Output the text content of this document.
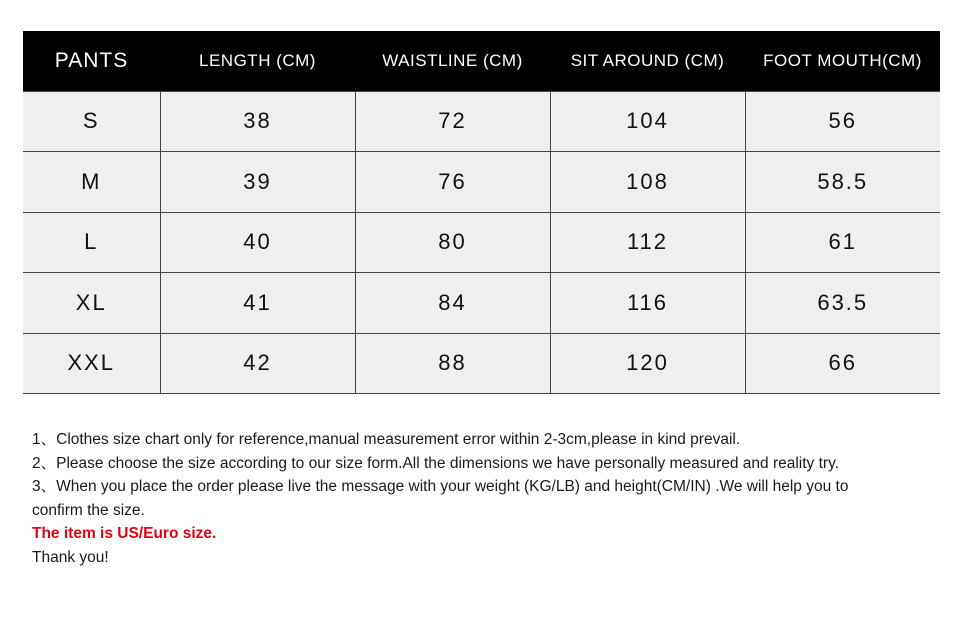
PANTS	LENGTH (CM)	WAISTLINE (CM)	SIT AROUND (CM)	FOOT MOUTH(CM)
S	38	72	104	56
M	39	76	108	58.5
L	40	80	112	61
XL	41	84	116	63.5
XXL	42	88	120	66

1、Clothes size chart only for reference,manual measurement error within 2-3cm,please in kind prevail.

2、Please choose the size according to our size form.All the dimensions we have personally measured and reality try.

3、When you place the order please live the message with your weight (KG/LB) and height(CM/IN) .We will help you to confirm the size.

The item is US/Euro size.

Thank you!
